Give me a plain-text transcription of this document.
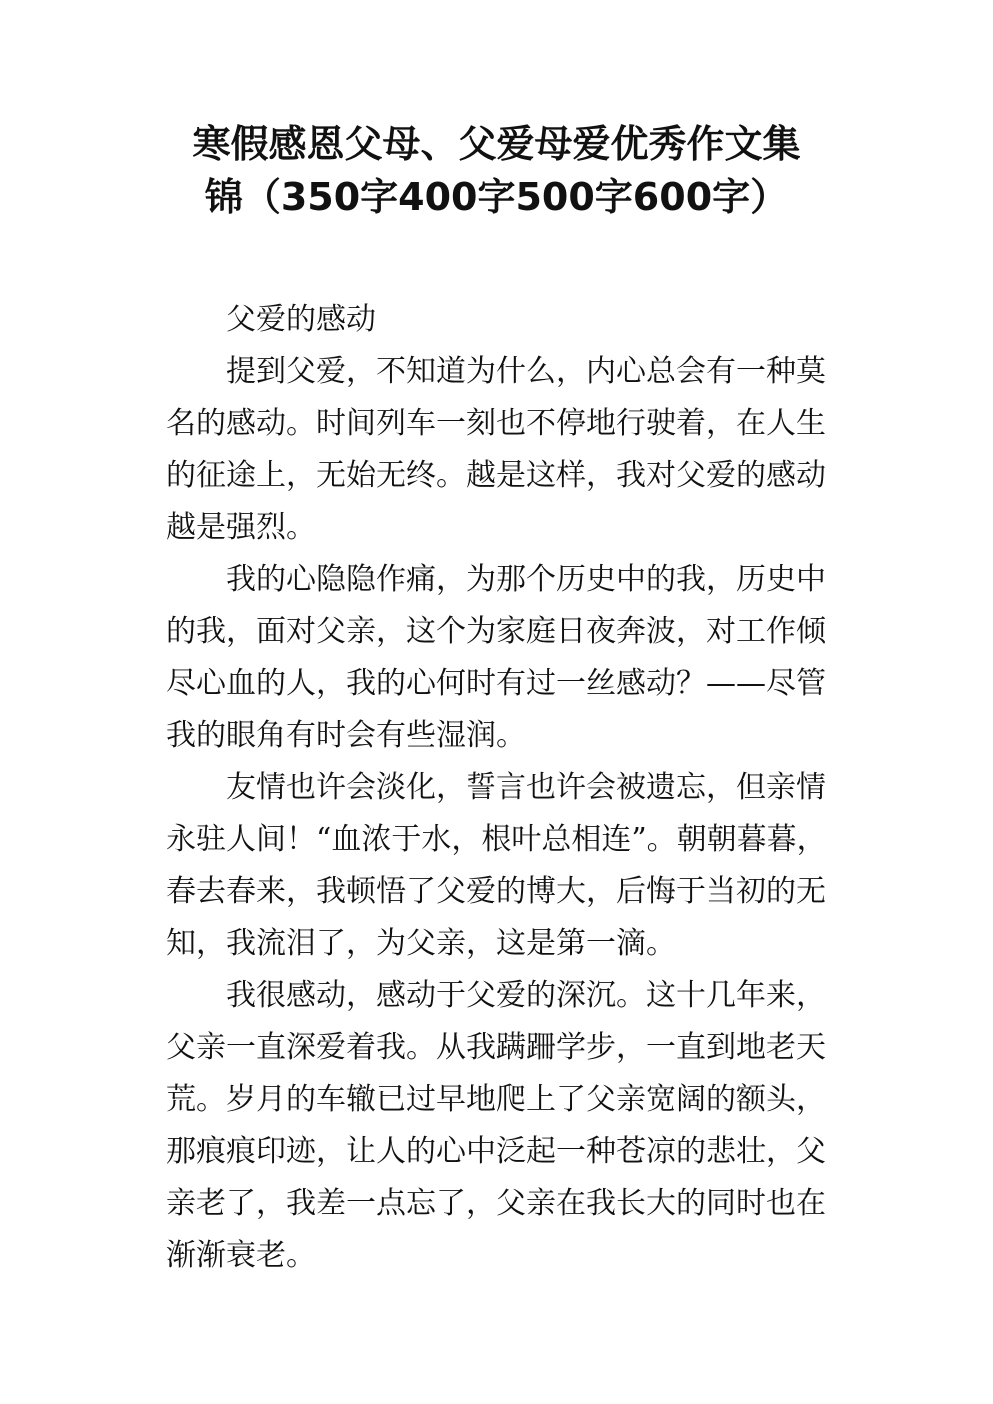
寒假感恩父母、父爱母爱优秀作文集
锦（350字400字500字600字）
父爱的感动
提到父爱，不知道为什么，内心总会有一种莫
名的感动。时间列车一刻也不停地行驶着，在人生
的征途上，无始无终。越是这样，我对父爱的感动
越是强烈。
我的心隐隐作痛，为那个历史中的我，历史中
的我，面对父亲，这个为家庭日夜奔波，对工作倾
尽心血的人，我的心何时有过一丝感动？——尽管
我的眼角有时会有些湿润。
友情也许会淡化，誓言也许会被遗忘，但亲情
永驻人间！“血浓于水，根叶总相连”。朝朝暮暮，
春去春来，我顿悟了父爱的博大，后悔于当初的无
知，我流泪了，为父亲，这是第一滴。
我很感动，感动于父爱的深沉。这十几年来，
父亲一直深爱着我。从我蹒跚学步，一直到地老天
荒。岁月的车辙已过早地爬上了父亲宽阔的额头，
那痕痕印迹，让人的心中泛起一种苍凉的悲壮，父
亲老了，我差一点忘了，父亲在我长大的同时也在
渐渐衰老。
